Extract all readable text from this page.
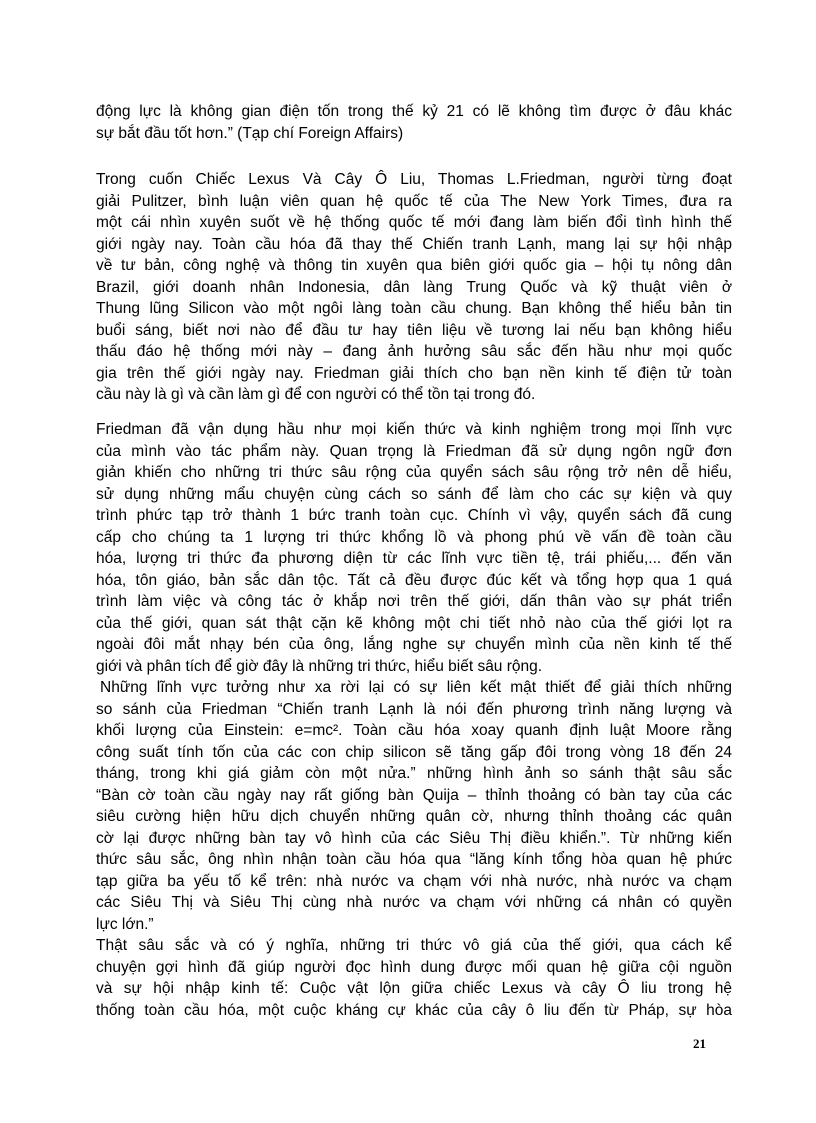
động lực là không gian điện tốn trong thế kỷ 21 có lẽ không tìm được ở đâu khác
sự bắt đầu tốt hơn.” (Tạp chí Foreign Affairs)
Trong cuốn Chiếc Lexus Và Cây Ô Liu, Thomas L.Friedman, người từng đoạt
giải Pulitzer, bình luận viên quan hệ quốc tế của The New York Times, đưa ra
một cái nhìn xuyên suốt về hệ thống quốc tế mới đang làm biến đổi tình hình thế
giới ngày nay. Toàn cầu hóa đã thay thế Chiến tranh Lạnh, mang lại sự hội nhập
về tư bản, công nghệ và thông tin xuyên qua biên giới quốc gia – hội tụ nông dân
Brazil, giới doanh nhân Indonesia, dân làng Trung Quốc và kỹ thuật viên ở
Thung lũng Silicon vào một ngôi làng toàn cầu chung. Bạn không thể hiểu bản tin
buổi sáng, biết nơi nào để đầu tư hay tiên liệu về tương lai nếu bạn không hiểu
thấu đáo hệ thống mới này – đang ảnh hưởng sâu sắc đến hầu như mọi quốc
gia trên thế giới ngày nay. Friedman giải thích cho bạn nền kinh tế điện tử toàn
cầu này là gì và cần làm gì để con người có thể tồn tại trong đó.
Friedman đã vận dụng hầu như mọi kiến thức và kinh nghiệm trong mọi lĩnh vực
của mình vào tác phẩm này. Quan trọng là Friedman đã sử dụng ngôn ngữ đơn
giản khiến cho những tri thức sâu rộng của quyển sách sâu rộng trở nên dễ hiểu,
sử dụng những mẩu chuyện cùng cách so sánh để làm cho các sự kiện và quy
trình phức tạp trở thành 1 bức tranh toàn cục. Chính vì vậy, quyển sách đã cung
cấp cho chúng ta 1 lượng tri thức khổng lồ và phong phú về vấn đề toàn cầu
hóa, lượng tri thức đa phương diện từ các lĩnh vực tiền tệ, trái phiếu,... đến văn
hóa, tôn giáo, bản sắc dân tộc. Tất cả đều được đúc kết và tổng hợp qua 1 quá
trình làm việc và công tác ở khắp nơi trên thế giới, dấn thân vào sự phát triển
của thế giới, quan sát thật cặn kẽ không một chi tiết nhỏ nào của thế giới lọt ra
ngoài đôi mắt nhạy bén của ông, lắng nghe sự chuyển mình của nền kinh tế thế
giới và phân tích để giờ đây là những tri thức, hiểu biết sâu rộng.
Những lĩnh vực tưởng như xa rời lại có sự liên kết mật thiết để giải thích những
so sánh của Friedman “Chiến tranh Lạnh là nói đến phương trình năng lượng và
khối lượng của Einstein: e=mc². Toàn cầu hóa xoay quanh định luật Moore rằng
công suất tính tốn của các con chip silicon sẽ tăng gấp đôi trong vòng 18 đến 24
tháng, trong khi giá giảm còn một nửa.” những hình ảnh so sánh thật sâu sắc
“Bàn cờ toàn cầu ngày nay rất giống bàn Quija – thỉnh thoảng có bàn tay của các
siêu cường hiện hữu dịch chuyển những quân cờ, nhưng thỉnh thoảng các quân
cờ lại được những bàn tay vô hình của các Siêu Thị điều khiển.”. Từ những kiến
thức sâu sắc, ông nhìn nhận toàn cầu hóa qua “lăng kính tổng hòa quan hệ phức
tạp giữa ba yếu tố kể trên: nhà nước va chạm với nhà nước, nhà nước va chạm
các Siêu Thị và Siêu Thị cùng nhà nước va chạm với những cá nhân có quyền
lực lớn.”
Thật sâu sắc và có ý nghĩa, những tri thức vô giá của thế giới, qua cách kể
chuyện gợi hình đã giúp người đọc hình dung được mối quan hệ giữa cội nguồn
và sự hội nhập kinh tế: Cuộc vật lộn giữa chiếc Lexus và cây Ô liu trong hệ
thống toàn cầu hóa, một cuộc kháng cự khác của cây ô liu đến từ Pháp, sự hòa
21
